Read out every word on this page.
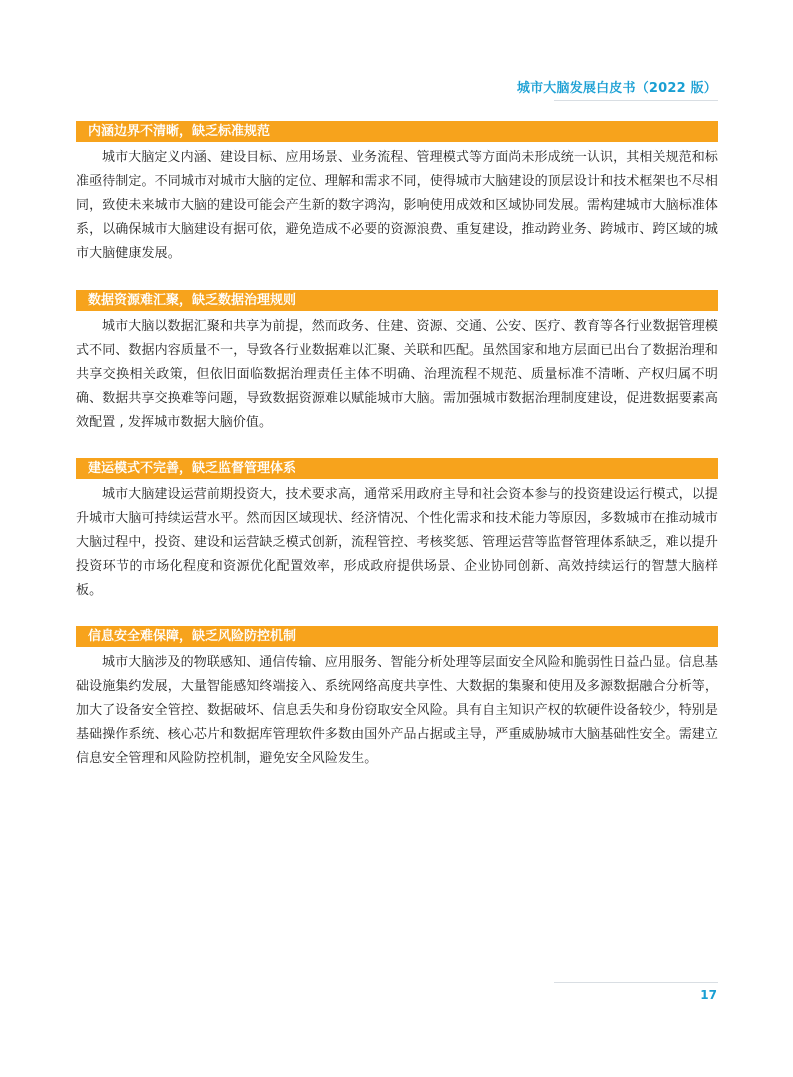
城市大脑发展白皮书（2022 版）
内涵边界不清晰，缺乏标准规范

城市大脑定义内涵、建设目标、应用场景、业务流程、管理模式等方面尚未形成统一认识，其相关规范和标准亟待制定。不同城市对城市大脑的定位、理解和需求不同，使得城市大脑建设的顶层设计和技术框架也不尽相同，致使未来城市大脑的建设可能会产生新的数字鸿沟，影响使用成效和区域协同发展。需构建城市大脑标准体系，以确保城市大脑建设有据可依，避免造成不必要的资源浪费、重复建设，推动跨业务、跨城市、跨区域的城市大脑健康发展。

数据资源难汇聚，缺乏数据治理规则

城市大脑以数据汇聚和共享为前提，然而政务、住建、资源、交通、公安、医疗、教育等各行业数据管理模式不同、数据内容质量不一，导致各行业数据难以汇聚、关联和匹配。虽然国家和地方层面已出台了数据治理和共享交换相关政策，但依旧面临数据治理责任主体不明确、治理流程不规范、质量标准不清晰、产权归属不明确、数据共享交换难等问题，导致数据资源难以赋能城市大脑。需加强城市数据治理制度建设，促进数据要素高效配置 , 发挥城市数据大脑价值。

建运模式不完善，缺乏监督管理体系

城市大脑建设运营前期投资大，技术要求高，通常采用政府主导和社会资本参与的投资建设运行模式，以提升城市大脑可持续运营水平。然而因区域现状、经济情况、个性化需求和技术能力等原因，多数城市在推动城市大脑过程中，投资、建设和运营缺乏模式创新，流程管控、考核奖惩、管理运营等监督管理体系缺乏，难以提升投资环节的市场化程度和资源优化配置效率，形成政府提供场景、企业协同创新、高效持续运行的智慧大脑样板。

信息安全难保障，缺乏风险防控机制

城市大脑涉及的物联感知、通信传输、应用服务、智能分析处理等层面安全风险和脆弱性日益凸显。信息基础设施集约发展，大量智能感知终端接入、系统网络高度共享性、大数据的集聚和使用及多源数据融合分析等，加大了设备安全管控、数据破坏、信息丢失和身份窃取安全风险。具有自主知识产权的软硬件设备较少，特别是基础操作系统、核心芯片和数据库管理软件多数由国外产品占据或主导，严重威胁城市大脑基础性安全。需建立信息安全管理和风险防控机制，避免安全风险发生。

17
